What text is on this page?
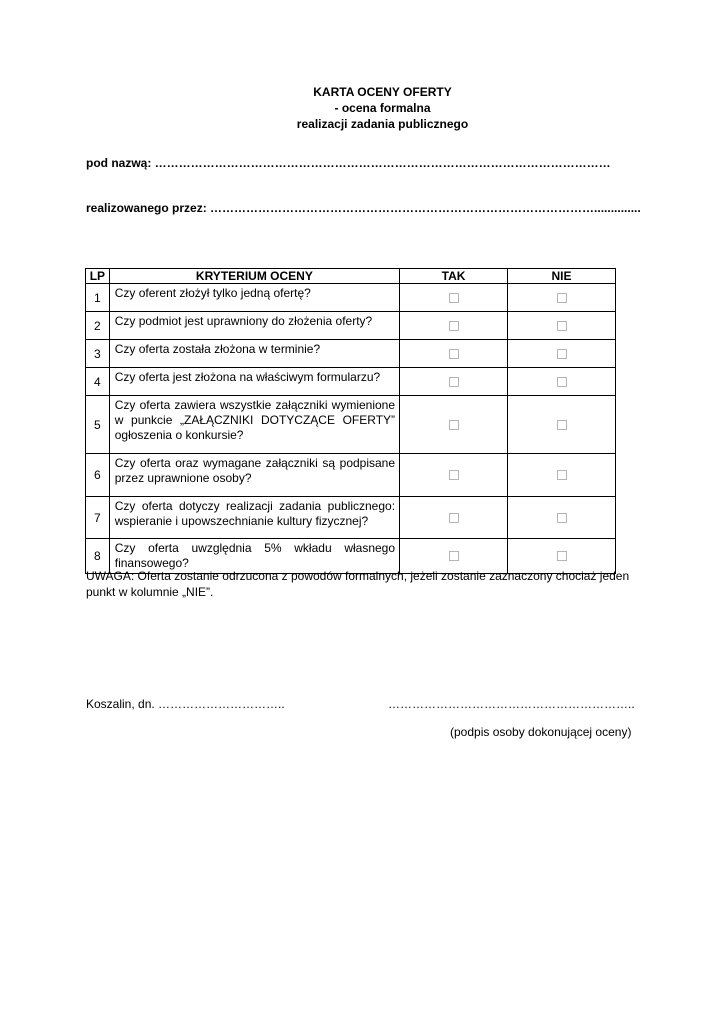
KARTA OCENY OFERTY
- ocena formalna
realizacji zadania publicznego
pod nazwą: ……………………………………………………………………………………………………
realizowanego przez: ……………………………………………………………………………………..............
LP	KRYTERIUM OCENY	TAK	NIE
1	Czy oferent złożył tylko jedną ofertę?		
2	Czy podmiot jest uprawniony do złożenia oferty?		
3	Czy oferta została złożona w terminie?		
4	Czy oferta jest złożona na właściwym formularzu?		
5	Czy oferta zawiera wszystkie załączniki wymienione w punkcie „ZAŁĄCZNIKI DOTYCZĄCE OFERTY” ogłoszenia o konkursie?		
6	Czy oferta oraz wymagane załączniki są podpisane przez uprawnione osoby?		
7	Czy oferta dotyczy realizacji zadania publicznego: wspieranie i upowszechnianie kultury fizycznej?		
8	Czy oferta uwzględnia 5% wkładu własnego finansowego?		
UWAGA: Oferta zostanie odrzucona z powodów formalnych, jeżeli zostanie zaznaczony chociaż jeden punkt w kolumnie „NIE”.
Koszalin, dn. …………………………..	……………………………………………………..
(podpis osoby dokonującej oceny)
